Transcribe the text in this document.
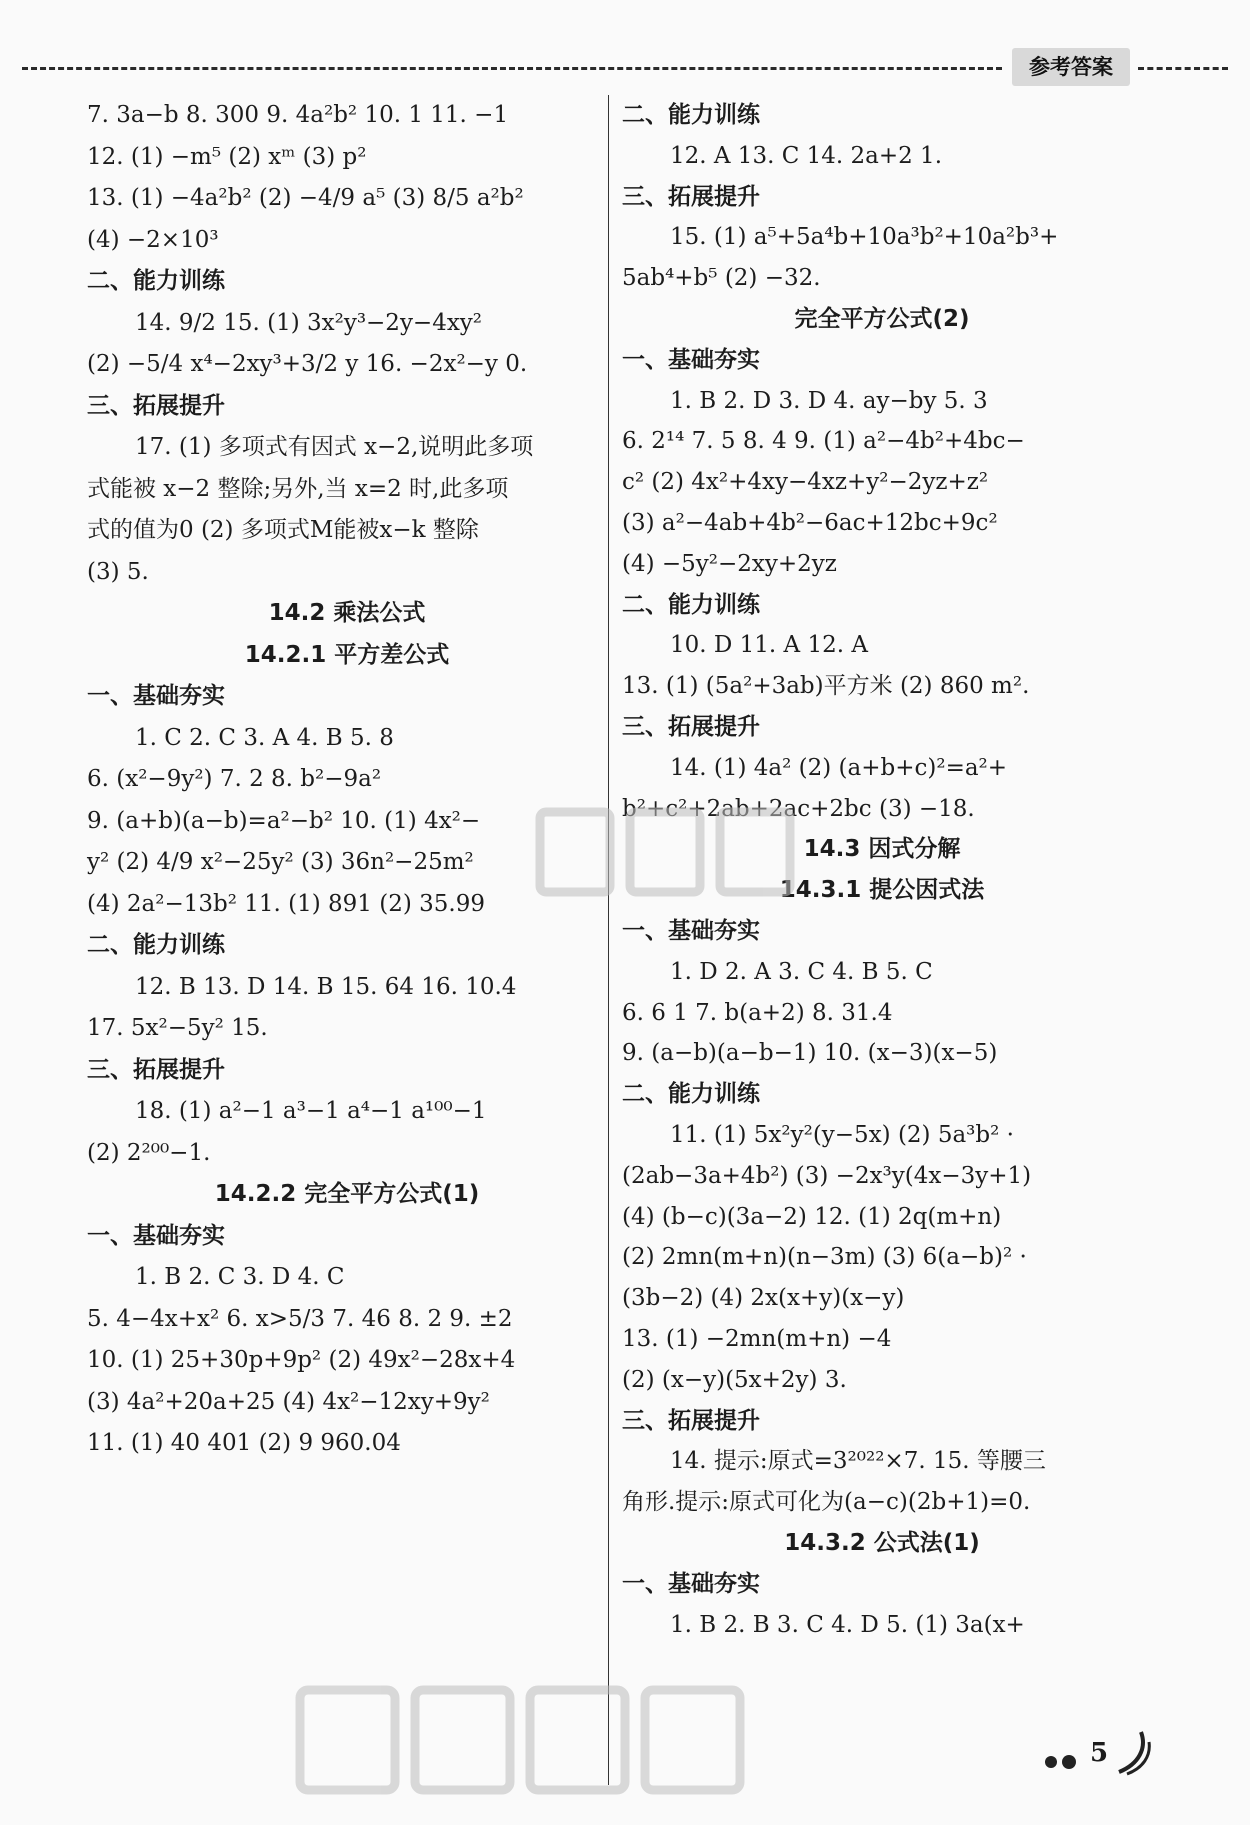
参考答案
7. 3a−b 8. 300 9. 4a²b² 10. 1 11. −1
12. (1) −m⁵ (2) xᵐ (3) p²
13. (1) −4a²b² (2) −4/9 a⁵ (3) 8/5 a²b²
(4) −2×10³
二、能力训练
14. 9/2 15. (1) 3x²y³−2y−4xy²
(2) −5/4 x⁴−2xy³+3/2 y 16. −2x²−y 0.
三、拓展提升
17. (1) 多项式有因式 x−2,说明此多项
式能被 x−2 整除;另外,当 x=2 时,此多项
式的值为0 (2) 多项式M能被x−k 整除
(3) 5.
14.2 乘法公式
14.2.1 平方差公式
一、基础夯实
1. C 2. C 3. A 4. B 5. 8
6. (x²−9y²) 7. 2 8. b²−9a²
9. (a+b)(a−b)=a²−b² 10. (1) 4x²−
y² (2) 4/9 x²−25y² (3) 36n²−25m²
(4) 2a²−13b² 11. (1) 891 (2) 35.99
二、能力训练
12. B 13. D 14. B 15. 64 16. 10.4
17. 5x²−5y² 15.
三、拓展提升
18. (1) a²−1 a³−1 a⁴−1 a¹⁰⁰−1
(2) 2²⁰⁰−1.
14.2.2 完全平方公式(1)
一、基础夯实
1. B 2. C 3. D 4. C
5. 4−4x+x² 6. x>5/3 7. 46 8. 2 9. ±2
10. (1) 25+30p+9p² (2) 49x²−28x+4
(3) 4a²+20a+25 (4) 4x²−12xy+9y²
11. (1) 40 401 (2) 9 960.04
二、能力训练
12. A 13. C 14. 2a+2 1.
三、拓展提升
15. (1) a⁵+5a⁴b+10a³b²+10a²b³+
5ab⁴+b⁵ (2) −32.
完全平方公式(2)
一、基础夯实
1. B 2. D 3. D 4. ay−by 5. 3
6. 2¹⁴ 7. 5 8. 4 9. (1) a²−4b²+4bc−
c² (2) 4x²+4xy−4xz+y²−2yz+z²
(3) a²−4ab+4b²−6ac+12bc+9c²
(4) −5y²−2xy+2yz
二、能力训练
10. D 11. A 12. A
13. (1) (5a²+3ab)平方米 (2) 860 m².
三、拓展提升
14. (1) 4a² (2) (a+b+c)²=a²+
b²+c²+2ab+2ac+2bc (3) −18.
14.3 因式分解
14.3.1 提公因式法
一、基础夯实
1. D 2. A 3. C 4. B 5. C
6. 6 1 7. b(a+2) 8. 31.4
9. (a−b)(a−b−1) 10. (x−3)(x−5)
二、能力训练
11. (1) 5x²y²(y−5x) (2) 5a³b² ·
(2ab−3a+4b²) (3) −2x³y(4x−3y+1)
(4) (b−c)(3a−2) 12. (1) 2q(m+n)
(2) 2mn(m+n)(n−3m) (3) 6(a−b)² ·
(3b−2) (4) 2x(x+y)(x−y)
13. (1) −2mn(m+n) −4
(2) (x−y)(5x+2y) 3.
三、拓展提升
14. 提示:原式=3²⁰²²×7. 15. 等腰三
角形.提示:原式可化为(a−c)(2b+1)=0.
14.3.2 公式法(1)
一、基础夯实
1. B 2. B 3. C 4. D 5. (1) 3a(x+
5
